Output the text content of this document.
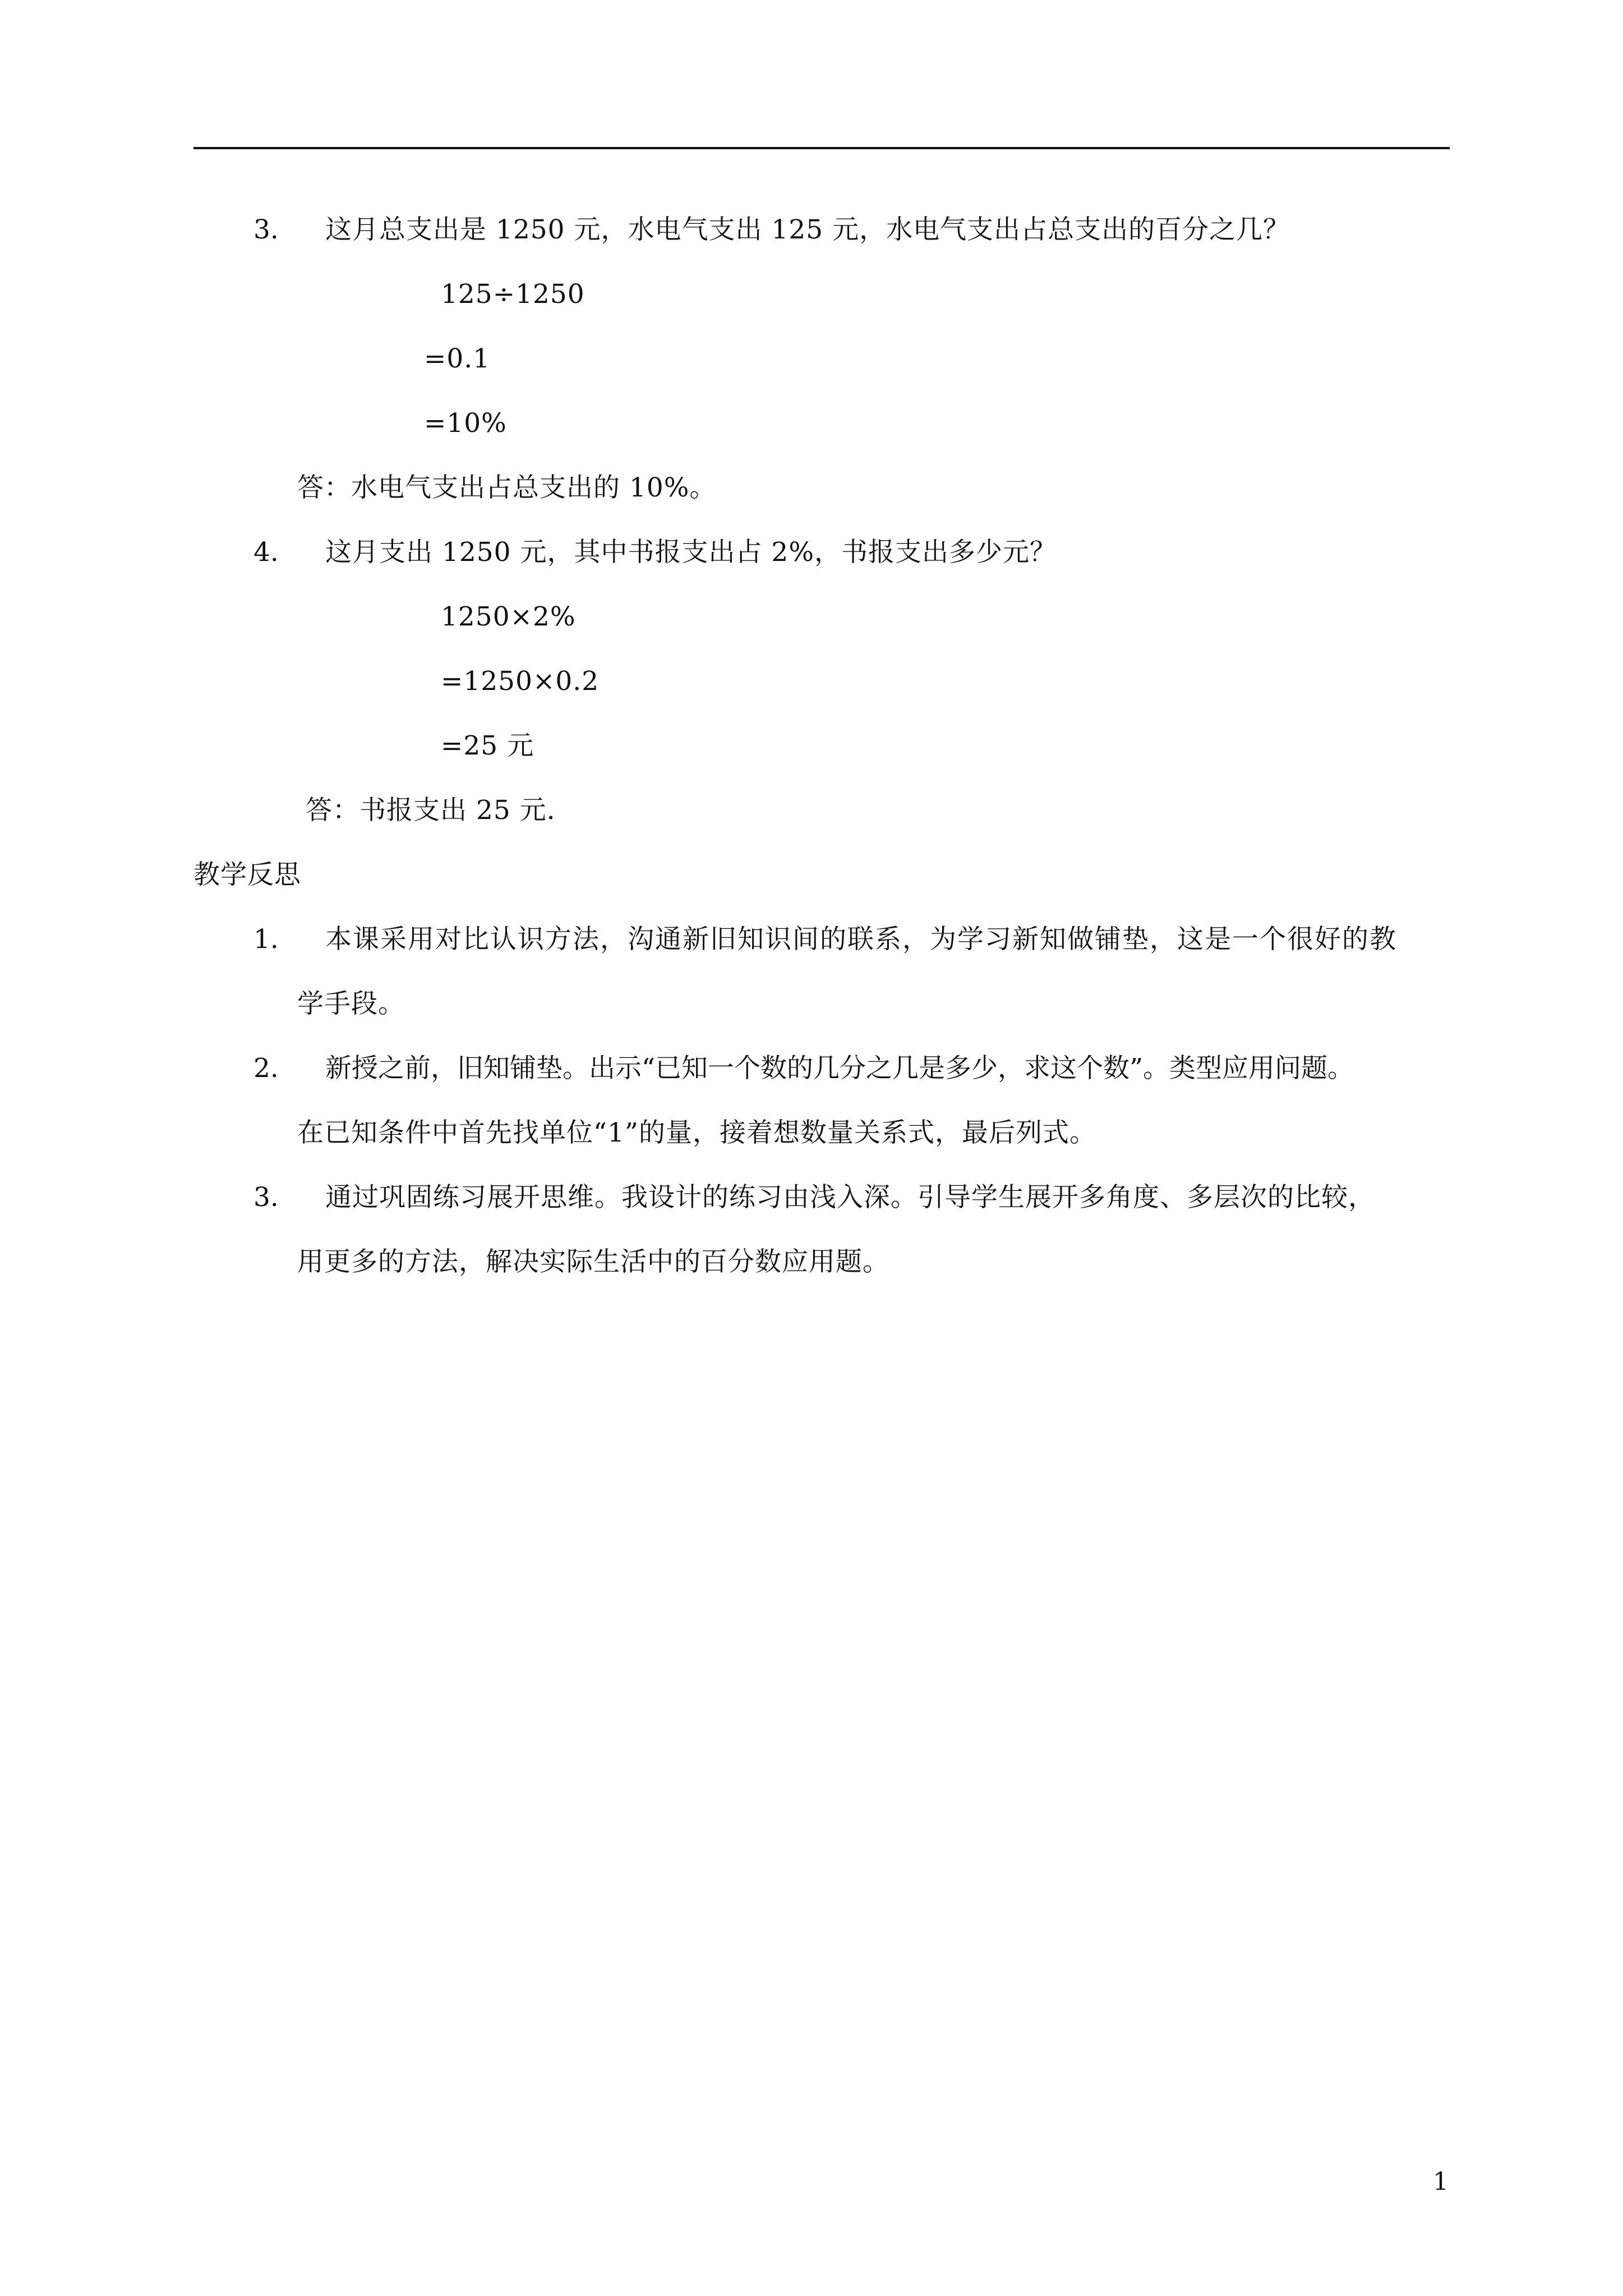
3. 这月总支出是 1250 元，水电气支出 125 元，水电气支出占总支出的百分之几？
125÷1250
=0.1
=10%
答：水电气支出占总支出的 10%。
4. 这月支出 1250 元，其中书报支出占 2%，书报支出多少元？
1250×2%
=1250×0.2
=25 元
答：书报支出 25 元.
教学反思
1. 本课采用对比认识方法，沟通新旧知识间的联系，为学习新知做铺垫，这是一个很好的教
学手段。
2. 新授之前，旧知铺垫。出示“已知一个数的几分之几是多少，求这个数”。类型应用问题。
在已知条件中首先找单位“1”的量，接着想数量关系式，最后列式。
3. 通过巩固练习展开思维。我设计的练习由浅入深。引导学生展开多角度、多层次的比较，
用更多的方法，解决实际生活中的百分数应用题。
1
